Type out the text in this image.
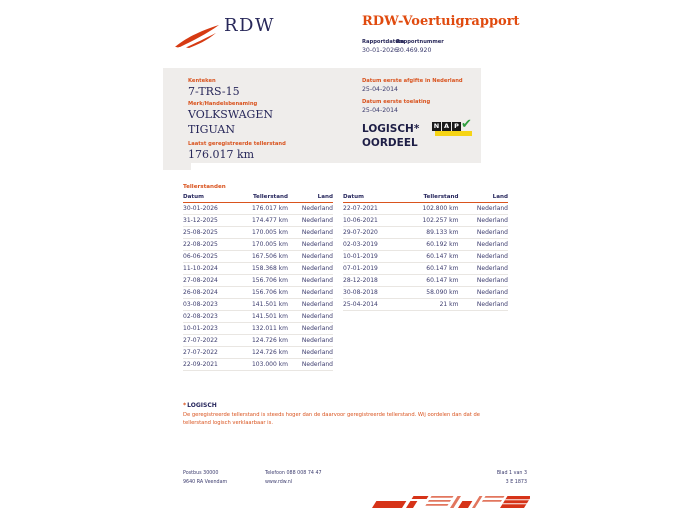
RDW	RDW-Voertuigrapport
Rapportdatum
30-01-2026
Rapportnummer
30.469.920
Kenteken
7-TRS-15
Merk/Handelsbenaming
VOLKSWAGEN
TIGUAN
Laatst geregistreerde tellerstand
176.017 km
Datum eerste afgifte in Nederland
25-04-2014
Datum eerste toelating
25-04-2014
LOGISCH*
OORDEEL
N A P ✔
Tellerstanden
Datum	Tellerstand	Land
30-01-2026	176.017 km	Nederland
31-12-2025	174.477 km	Nederland
25-08-2025	170.005 km	Nederland
22-08-2025	170.005 km	Nederland
06-06-2025	167.506 km	Nederland
11-10-2024	158.368 km	Nederland
27-08-2024	156.706 km	Nederland
26-08-2024	156.706 km	Nederland
03-08-2023	141.501 km	Nederland
02-08-2023	141.501 km	Nederland
10-01-2023	132.011 km	Nederland
27-07-2022	124.726 km	Nederland
27-07-2022	124.726 km	Nederland
22-09-2021	103.000 km	Nederland
Datum	Tellerstand	Land
22-07-2021	102.800 km	Nederland
10-06-2021	102.257 km	Nederland
29-07-2020	89.133 km	Nederland
02-03-2019	60.192 km	Nederland
10-01-2019	60.147 km	Nederland
07-01-2019	60.147 km	Nederland
28-12-2018	60.147 km	Nederland
30-08-2018	58.090 km	Nederland
25-04-2014	21 km	Nederland
*LOGISCH
De geregistreerde tellerstand is steeds hoger dan de daarvoor geregistreerde tellerstand. Wij oordelen dan dat de tellerstand logisch verklaarbaar is.
Postbus 30000
9640 RA Veendam
Telefoon 088 008 74 47
www.rdw.nl
Blad 1 van 3
3 E 1873
